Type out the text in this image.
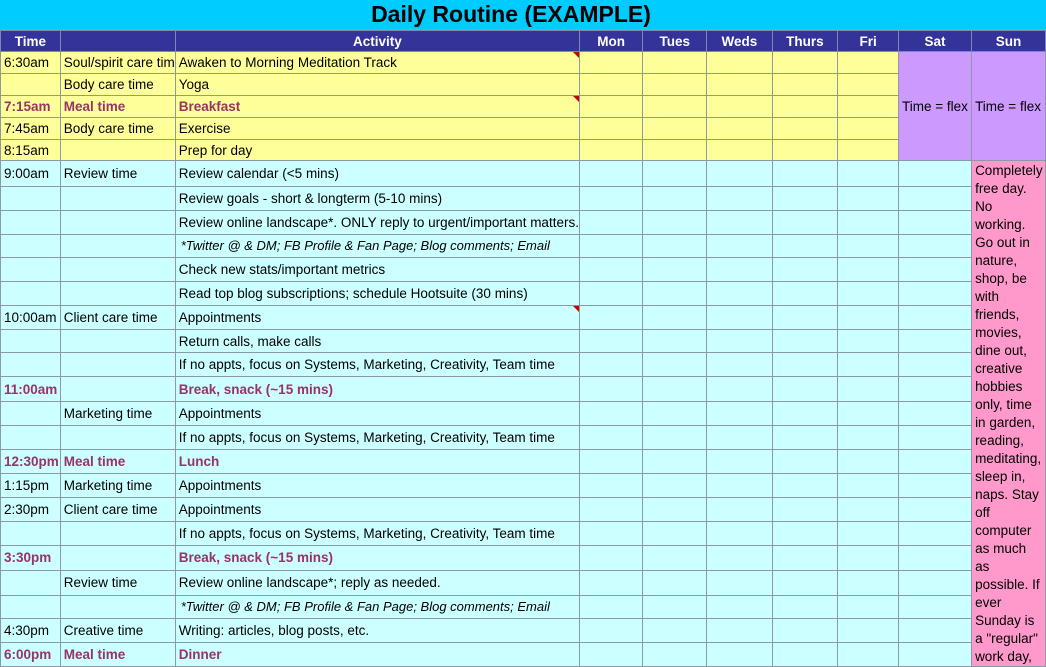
Daily Routine (EXAMPLE)
Time		Activity	Mon	Tues	Weds	Thurs	Fri	Sat	Sun
6:30am	Soul/spirit care tim	Awaken to Morning Meditation Track						Time = flex	Time = flex
	Body care time	Yoga							
7:15am	Meal time	Breakfast							
7:45am	Body care time	Exercise							
8:15am		Prep for day							
9:00am	Review time	Review calendar (<5 mins)							Completely free day. No working. Go out in nature, shop, be with friends, movies, dine out, creative hobbies only, time in garden, reading, meditating, sleep in, naps. Stay off computer as much as possible. If ever Sunday is a "regular" work day,
		Review goals - short & longterm (5-10 mins)							
		Review online landscape*. ONLY reply to urgent/important matters.							
		*Twitter @ & DM; FB Profile & Fan Page; Blog comments; Email							
		Check new stats/important metrics							
		Read top blog subscriptions; schedule Hootsuite (30 mins)							
10:00am	Client care time	Appointments							
		Return calls, make calls							
		If no appts, focus on Systems, Marketing, Creativity, Team time							
11:00am		Break, snack (~15 mins)							
	Marketing time	Appointments							
		If no appts, focus on Systems, Marketing, Creativity, Team time							
12:30pm	Meal time	Lunch							
1:15pm	Marketing time	Appointments							
2:30pm	Client care time	Appointments							
		If no appts, focus on Systems, Marketing, Creativity, Team time							
3:30pm		Break, snack (~15 mins)							
	Review time	Review online landscape*; reply as needed.							
		*Twitter @ & DM; FB Profile & Fan Page; Blog comments; Email							
4:30pm	Creative time	Writing: articles, blog posts, etc.							
6:00pm	Meal time	Dinner							
